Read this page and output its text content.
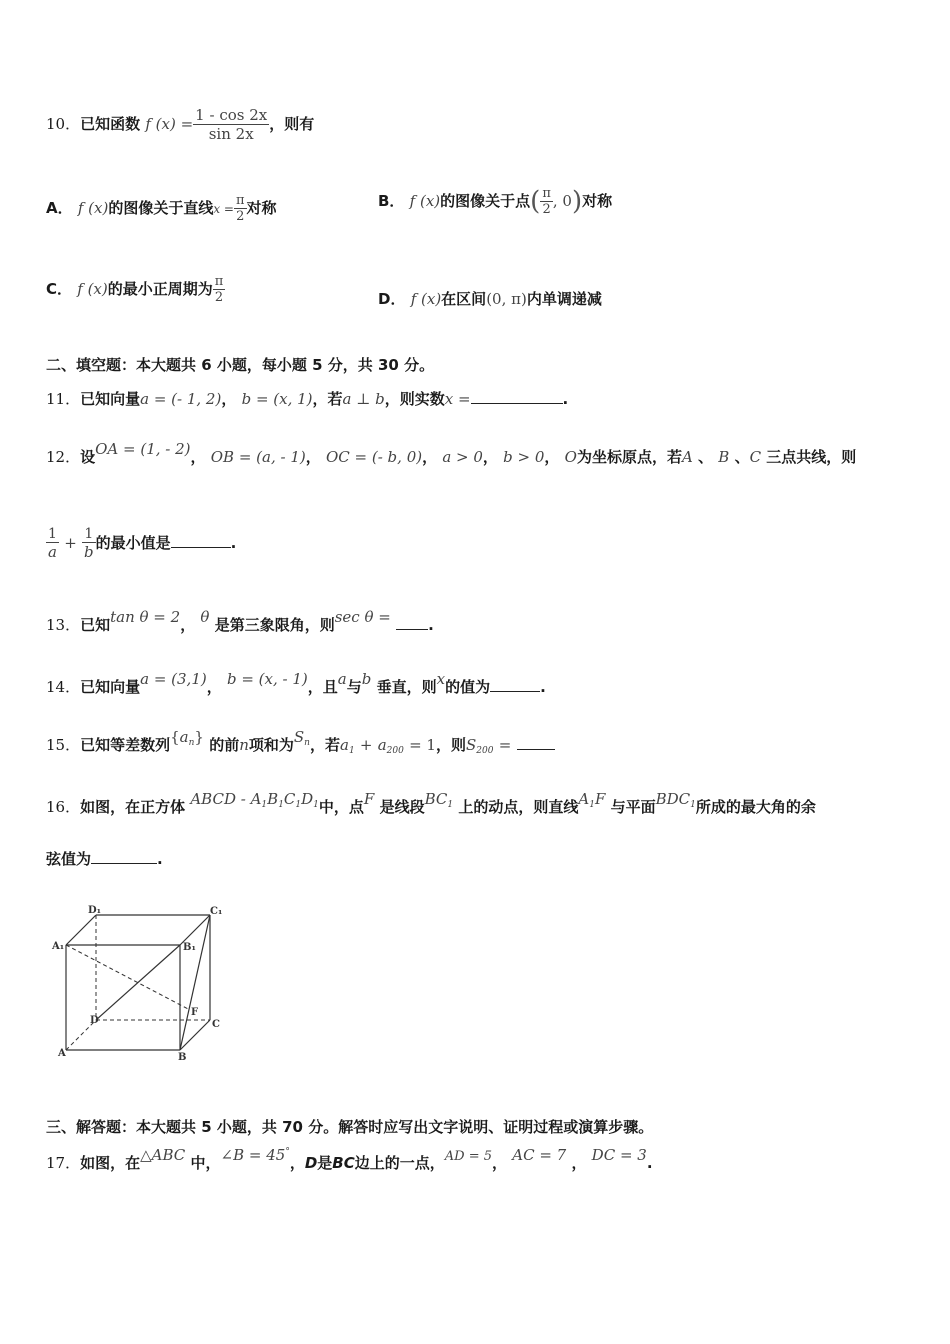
10．已知函数 f $(x) = \frac{1 - \cos 2x}{\sin 2x}$ ，则有
A． f (x)的图像关于直线$x = \frac{\pi}{2}$ 对称	B． f (x)的图像关于点( $\frac{\pi}{2}$ , 0)对称
C． f (x)的最小正周期为 $\frac{\pi}{2}$	D． f (x)在区间(0, π)内单调递减
二、填空题：本大题共 6 小题，每小题 5 分，共 30 分。
11．已知向量a = (- 1, 2)， b = (x, 1)，若a ⊥ b，则实数x =	.
12．设OA = (1, - 2)， OB = (a, - 1)， OC = (- b, 0)， a > 0， b > 0， O为坐标原点，若A 、 B 、C 三点共线，则
$\frac{1}{a} + \frac{1}{b}$ 的最小值是	.
13．已知tan θ = 2， θ 是第三象限角，则sec θ = .
14．已知向量a = (3,1)， b = (x, - 1)，且a与b 垂直，则x的值为	.
15．已知等差数列$\{a_n\}$ 的前n项和为$S_n$，若$a_1 + a_{200} = 1$，则$S_{200}$ =
16．如图，在正方体 ABCD - $A_1B_1C_1D_1$中，点F 是线段$BC_1$ 上的动点，则直线$A_1F$ 与平面$BDC_1$所成的最大角的余
弦值为	.
D₁	C₁
A₁	B₁
D
F
C
A	B
三、解答题：本大题共 5 小题，共 70 分。解答时应写出文字说明、证明过程或演算步骤。
17．如图，在△ABC 中，∠B = 45°，D是BC边上的一点，AD = 5， AC = 7 ， DC = 3.
